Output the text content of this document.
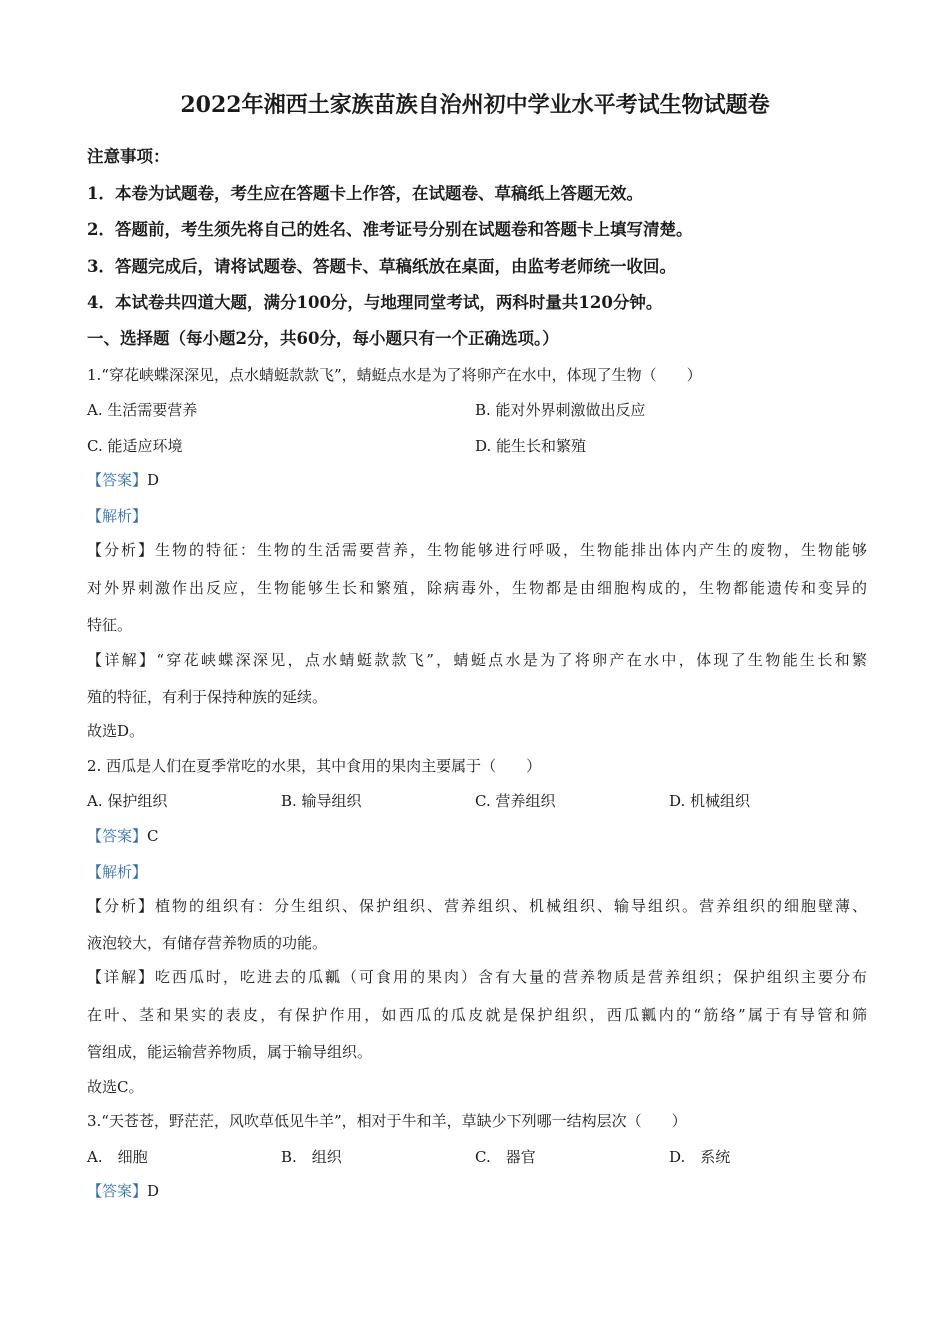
2022年湘西土家族苗族自治州初中学业水平考试生物试题卷
注意事项：
1．本卷为试题卷，考生应在答题卡上作答，在试题卷、草稿纸上答题无效。
2．答题前，考生须先将自己的姓名、准考证号分别在试题卷和答题卡上填写清楚。
3．答题完成后，请将试题卷、答题卡、草稿纸放在桌面，由监考老师统一收回。
4．本试卷共四道大题，满分100分，与地理同堂考试，两科时量共120分钟。
一、选择题（每小题2分，共60分，每小题只有一个正确选项。）
1.“穿花峡蝶深深见，点水蜻蜓款款飞”，蜻蜓点水是为了将卵产在水中，体现了生物（　　）
A. 生活需要营养	B. 能对外界刺激做出反应
C. 能适应环境	D. 能生长和繁殖
【答案】D
【解析】
【分析】生物的特征：生物的生活需要营养，生物能够进行呼吸，生物能排出体内产生的废物，生物能够
对外界刺激作出反应，生物能够生长和繁殖，除病毒外，生物都是由细胞构成的，生物都能遗传和变异的
特征。
【详解】“穿花峡蝶深深见，点水蜻蜓款款飞”，蜻蜓点水是为了将卵产在水中，体现了生物能生长和繁
殖的特征，有利于保持种族的延续。
故选D。
2. 西瓜是人们在夏季常吃的水果，其中食用的果肉主要属于（　　）
A. 保护组织	B. 输导组织	C. 营养组织	D. 机械组织
【答案】C
【解析】
【分析】植物的组织有：分生组织、保护组织、营养组织、机械组织、输导组织。营养组织的细胞壁薄、
液泡较大，有储存营养物质的功能。
【详解】吃西瓜时，吃进去的瓜瓤（可食用的果肉）含有大量的营养物质是营养组织；保护组织主要分布
在叶、茎和果实的表皮，有保护作用，如西瓜的瓜皮就是保护组织，西瓜瓤内的“筋络”属于有导管和筛
管组成，能运输营养物质，属于输导组织。
故选C。
3.“天苍苍，野茫茫，风吹草低见牛羊”，相对于牛和羊，草缺少下列哪一结构层次（　　）
A.　细胞	B.　组织	C.　器官	D.　系统
【答案】D
